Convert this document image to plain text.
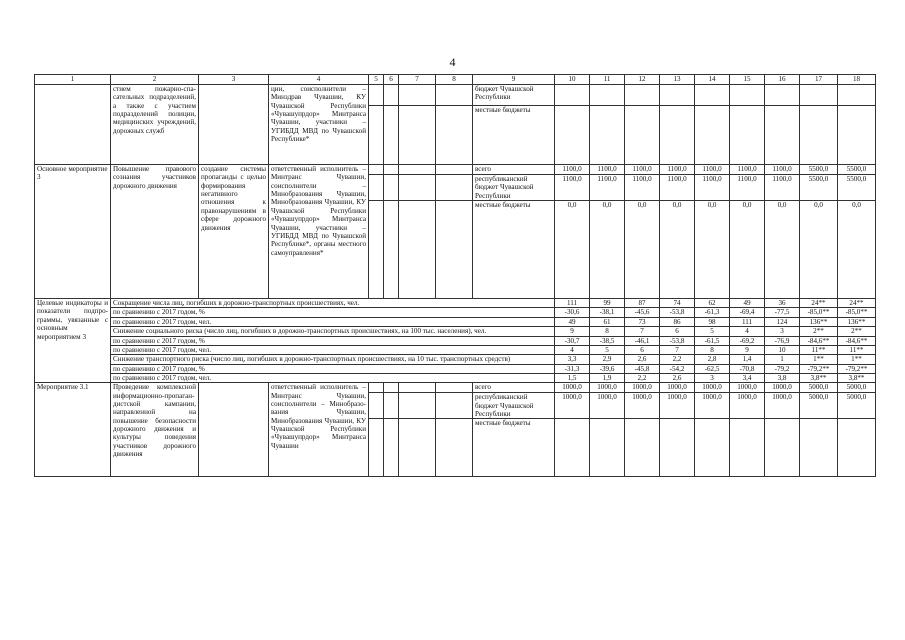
4
1	2	3	4	5	6	7	8	9	10	11	12	13	14	15	16	17	18
	стием пожарно-спасательных подразделений, а также с участием подразделений полиции, медицинских учреждений, дорожных служб		ции, соисполнители – Минздрав Чувашии, КУ Чувашской Республики «Чувашупрдор» Минтранса Чувашии, участники – УГИБДД МВД по Чувашской Республике*					бюджет Чувашской Республики									
								местные бюджеты									
Основное мероприятие 3	Повышение правового сознания участников дорожного движения	создание системы пропаганды с целью формирования негативного отношения к правонарушениям в сфере дорожного движения	ответственный исполнитель – Минтранс Чувашии, соисполнители – Минобразования Чувашии, Минобразования Чувашии, КУ Чувашской Республики «Чувашупрдор» Минтранса Чувашии, участники – УГИБДД МВД по Чувашской Республике*, органы местного самоуправления*					всего	1100,0	1100,0	1100,0	1100,0	1100,0	1100,0	1100,0	5500,0	5500,0
								республиканский бюджет Чувашской Республики	1100,0	1100,0	1100,0	1100,0	1100,0	1100,0	1100,0	5500,0	5500,0
								местные бюджеты	0,0	0,0	0,0	0,0	0,0	0,0	0,0	0,0	0,0
Целевые индикаторы и показатели подпрограммы, увязанные с основным мероприятием 3	Сокращение числа лиц, погибших в дорожно-транспортных происшествиях, чел.								111	99	87	74	62	49	36	24**	24**
	по сравнению с 2017 годом, %								-30,6	-38,1	-45,6	-53,8	-61,3	-69,4	-77,5	-85,0**	-85,0**
	по сравнению с 2017 годом, чел.								49	61	73	86	98	111	124	136**	136**
	Снижение социального риска (число лиц, погибших в дорожно-транспортных происшествиях, на 100 тыс. населения), чел.								9	8	7	6	5	4	3	2**	2**
	по сравнению с 2017 годом, %								-30,7	-38,5	-46,1	-53,8	-61,5	-69,2	-76,9	-84,6**	-84,6**
	по сравнению с 2017 годом, чел.								4	5	6	7	8	9	10	11**	11**
	Снижение транспортного риска (число лиц, погибших в дорожно-транспортных происшествиях, на 10 тыс. транспортных средств)								3,3	2,9	2,6	2,2	2,8	1,4	1	1**	1**
	по сравнению с 2017 годом, %								-31,3	-39,6	-45,8	-54,2	-62,5	-70,8	-79,2	-79,2**	-79,2**
	по сравнению с 2017 годом, чел.								1,5	1,9	2,2	2,6	3	3,4	3,8	3,8**	3,8**
Мероприятие 3.1	Проведение комплексной информационно-пропагандистской кампании, направленной на повышение безопасности дорожного движения и культуры поведения участников дорожного движения		ответственный исполнитель – Минтранс Чувашии, соисполнители – Минобразования Чувашии, Минобразования Чувашии, КУ Чувашской Республики «Чувашупрдор» Минтранса Чувашии					всего	1000,0	1000,0	1000,0	1000,0	1000,0	1000,0	1000,0	5000,0	5000,0
								республиканский бюджет Чувашской Республики	1000,0	1000,0	1000,0	1000,0	1000,0	1000,0	1000,0	5000,0	5000,0
								местные бюджеты									
